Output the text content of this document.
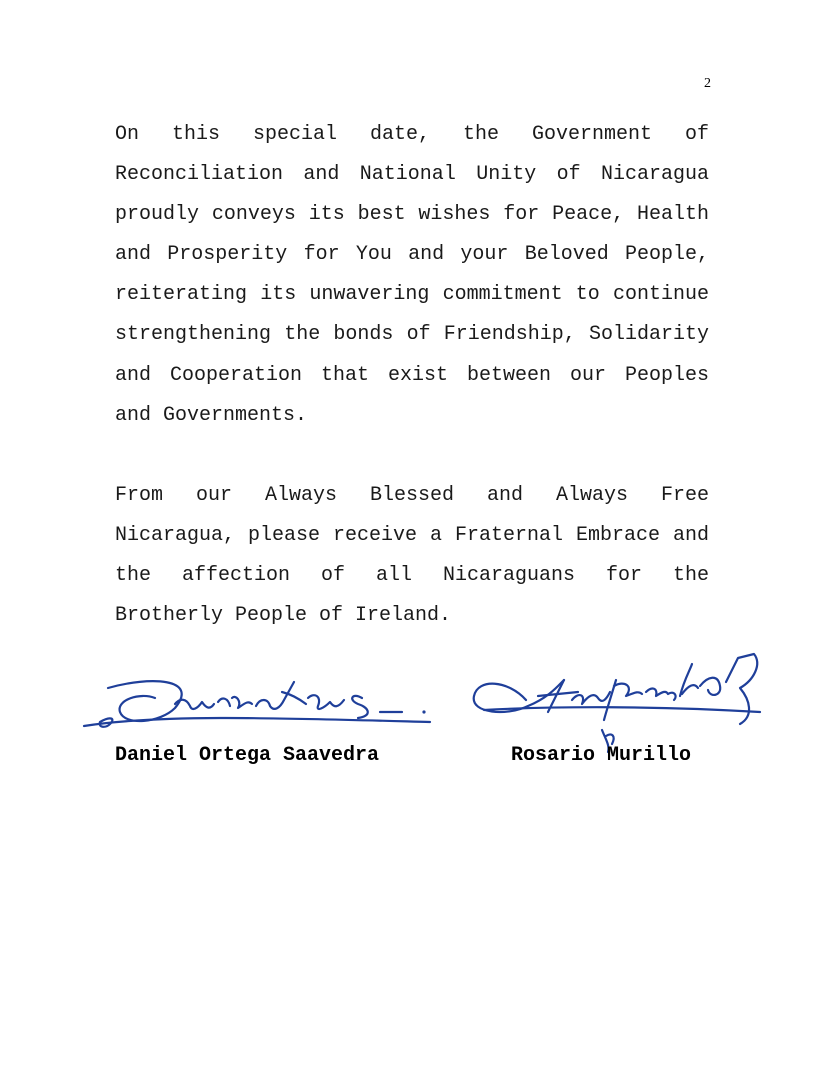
2

On this special date, the Government of Reconciliation and National Unity of Nicaragua proudly conveys its best wishes for Peace, Health and Prosperity for You and your Beloved People, reiterating its unwavering commitment to continue strengthening the bonds of Friendship, Solidarity and Cooperation that exist between our Peoples and Governments.

From our Always Blessed and Always Free Nicaragua, please receive a Fraternal Embrace and the affection of all Nicaraguans for the Brotherly People of Ireland.

Daniel Ortega Saavedra	Rosario Murillo
